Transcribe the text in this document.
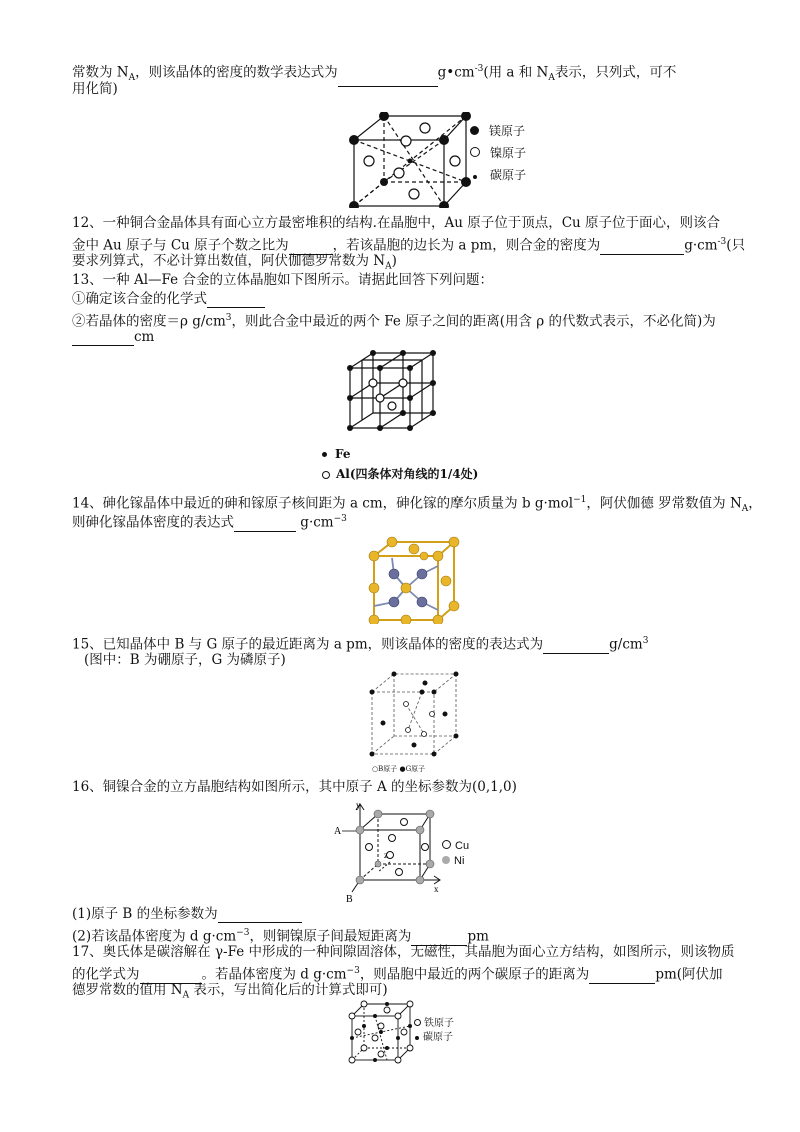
常数为 $N_A$，则该晶体的密度的数学表达式为	$g•cm^{-3}$(用 a 和 $N_A$表示，只列式，可不
用化简)
镁原子
镍原子
碳原子
12、一种铜合金晶体具有面心立方最密堆积的结构.在晶胞中，Au 原子位于顶点，Cu 原子位于面心，则该合
金中 Au 原子与 Cu 原子个数之比为	，若该晶胞的边长为 a pm，则合金的密度为	$g\cdot cm^{-3}$(只
要求列算式，不必计算出数值，阿伏伽德罗常数为 $N_A$)
13、一种 Al—Fe 合金的立体晶胞如下图所示。请据此回答下列问题：
①确定该合金的化学式
②若晶体的密度＝ρ $g/cm^3$，则此合金中最近的两个 Fe 原子之间的距离(用含 ρ 的代数式表示，不必化简)为
cm
Fe
Al(四条体对角线的1/4处)
14、砷化镓晶体中最近的砷和镓原子核间距为 a cm，砷化镓的摩尔质量为 b g·mol$^{-1}$，阿伏伽德 罗常数值为 $N_A$，
则砷化镓晶体密度的表达式	$g\cdot cm^{-3}$
15、已知晶体中 B 与 G 原子的最近距离为 a pm，则该晶体的密度的表达式为	$g/cm^3$
(图中：B 为硼原子，G 为磷原子)
○B原子 ●G原子
16、铜镍合金的立方晶胞结构如图所示，其中原子 A 的坐标参数为(0,1,0)
y
x
z
A
B
Cu
Ni
(1)原子 B 的坐标参数为
(2)若该晶体密度为 d $g\cdot cm^{-3}$，则铜镍原子间最短距离为	pm
17、奥氏体是碳溶解在 γ-Fe 中形成的一种间隙固溶体，无磁性，其晶胞为面心立方结构，如图所示，则该物质
的化学式为	。若晶体密度为 d $g\cdot cm^{-3}$，则晶胞中最近的两个碳原子的距离为	pm(阿伏加
德罗常数的值用 $N_A$ 表示，写出简化后的计算式即可)
铁原子
碳原子
